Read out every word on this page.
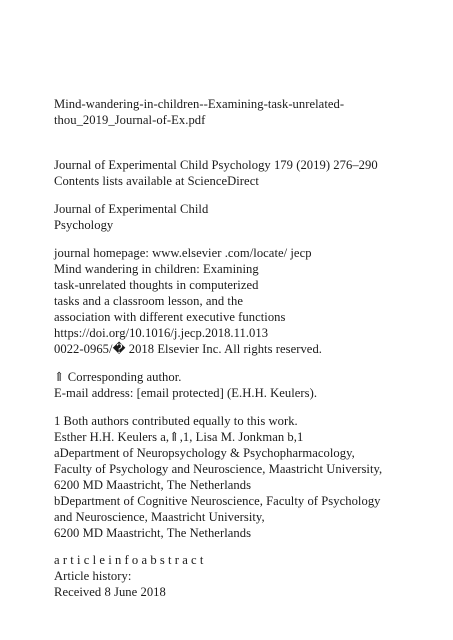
Mind-wandering-in-children--Examining-task-unrelated-
thou_2019_Journal-of-Ex.pdf
Journal of Experimental Child Psychology 179 (2019) 276–290
Contents lists available at ScienceDirect
Journal of Experimental Child
Psychology
journal homepage: www.elsevier .com/locate/ jecp
Mind wandering in children: Examining
task-unrelated thoughts in computerized
tasks and a classroom lesson, and the
association with different executive functions
https://doi.org/10.1016/j.jecp.2018.11.013
0022-0965/� 2018 Elsevier Inc. All rights reserved.
⇑ Corresponding author.
E-mail address: [email protected] (E.H.H. Keulers).
1 Both authors contributed equally to this work.
Esther H.H. Keulers a,⇑,1, Lisa M. Jonkman b,1
aDepartment of Neuropsychology & Psychopharmacology,
Faculty of Psychology and Neuroscience, Maastricht University,
6200 MD Maastricht, The Netherlands
bDepartment of Cognitive Neuroscience, Faculty of Psychology
and Neuroscience, Maastricht University,
6200 MD Maastricht, The Netherlands
a r t i c l e i n f o a b s t r a c t
Article history:
Received 8 June 2018
